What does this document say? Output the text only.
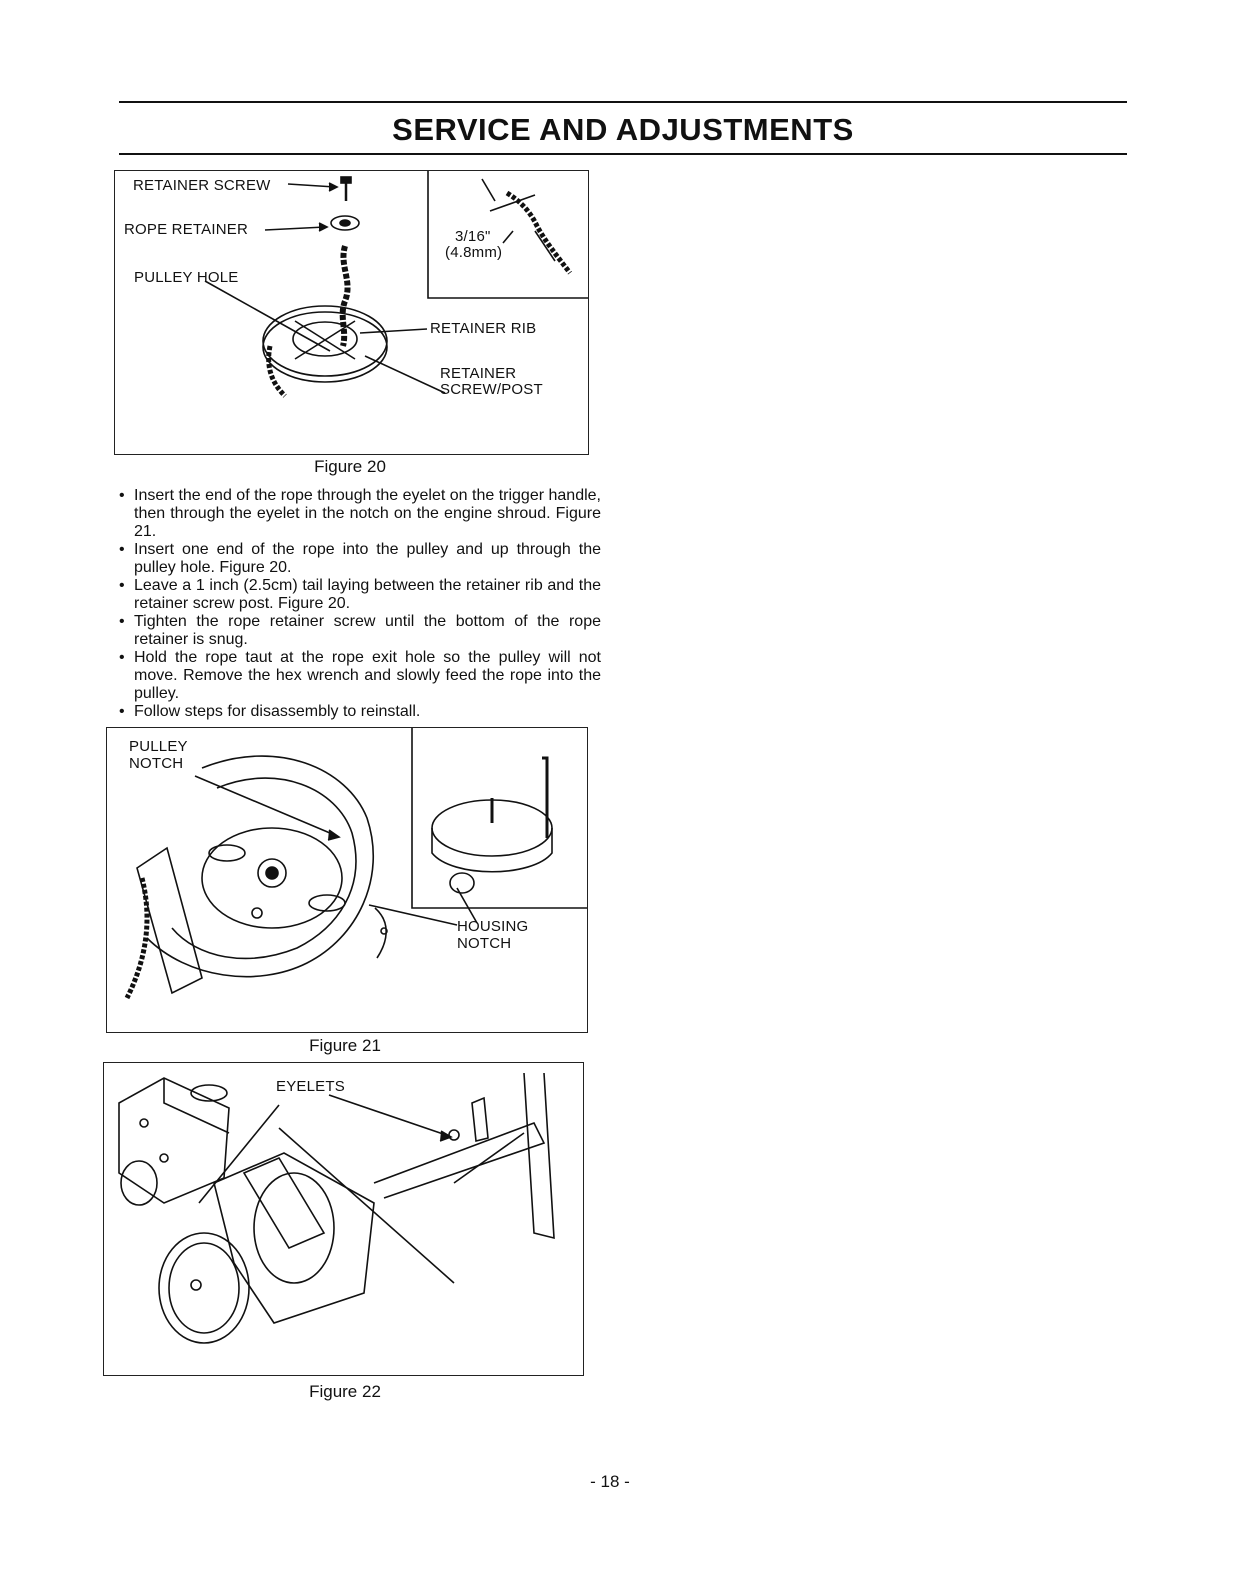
SERVICE AND ADJUSTMENTS
RETAINER SCREW
ROPE RETAINER
PULLEY HOLE
RETAINER RIB
RETAINER
SCREW/POST
3/16"
(4.8mm)
Figure 20
• Insert the end of the rope through the eyelet on the trigger handle, then through the eyelet in the notch on the engine shroud. Figure 21.
• Insert one end of the rope into the pulley and up through the pulley hole. Figure 20.
• Leave a 1 inch (2.5cm) tail laying between the retainer rib and the retainer screw post. Figure 20.
• Tighten the rope retainer screw until the bottom of the rope retainer is snug.
• Hold the rope taut at the rope exit hole so the pulley will not move. Remove the hex wrench and slowly feed the rope into the pulley.
• Follow steps for disassembly to reinstall.
PULLEY
NOTCH
HOUSING
NOTCH
Figure 21
EYELETS
Figure 22
- 18 -
